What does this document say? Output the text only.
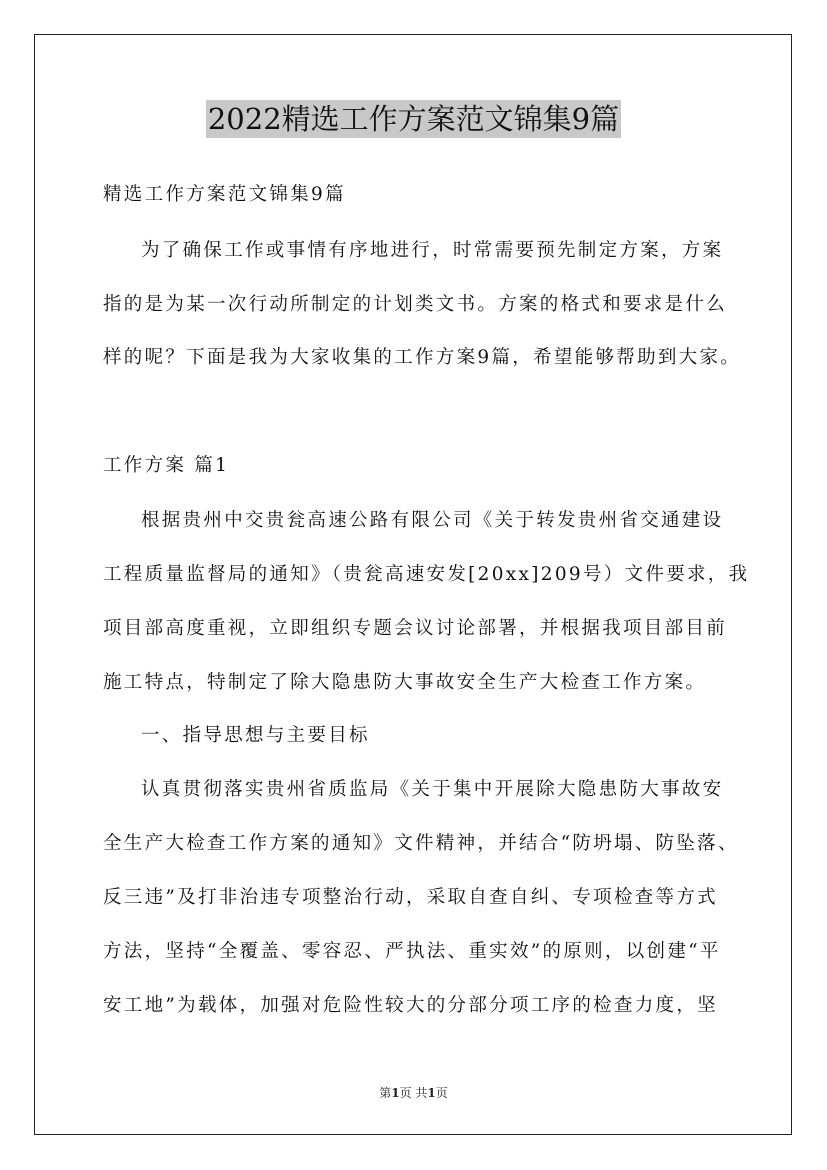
2022精选工作方案范文锦集9篇
精选工作方案范文锦集9篇
为了确保工作或事情有序地进行，时常需要预先制定方案，方案
指的是为某一次行动所制定的计划类文书。方案的格式和要求是什么
样的呢？下面是我为大家收集的工作方案9篇，希望能够帮助到大家。
工作方案 篇1
根据贵州中交贵瓮高速公路有限公司《关于转发贵州省交通建设
工程质量监督局的通知》（贵瓮高速安发[20xx]209号）文件要求，我
项目部高度重视，立即组织专题会议讨论部署，并根据我项目部目前
施工特点，特制定了除大隐患防大事故安全生产大检查工作方案。
一、指导思想与主要目标
认真贯彻落实贵州省质监局《关于集中开展除大隐患防大事故安
全生产大检查工作方案的通知》文件精神，并结合“防坍塌、防坠落、
反三违”及打非治违专项整治行动，采取自查自纠、专项检查等方式
方法，坚持“全覆盖、零容忍、严执法、重实效”的原则，以创建“平
安工地”为载体，加强对危险性较大的分部分项工序的检查力度，坚
第1页 共1页
